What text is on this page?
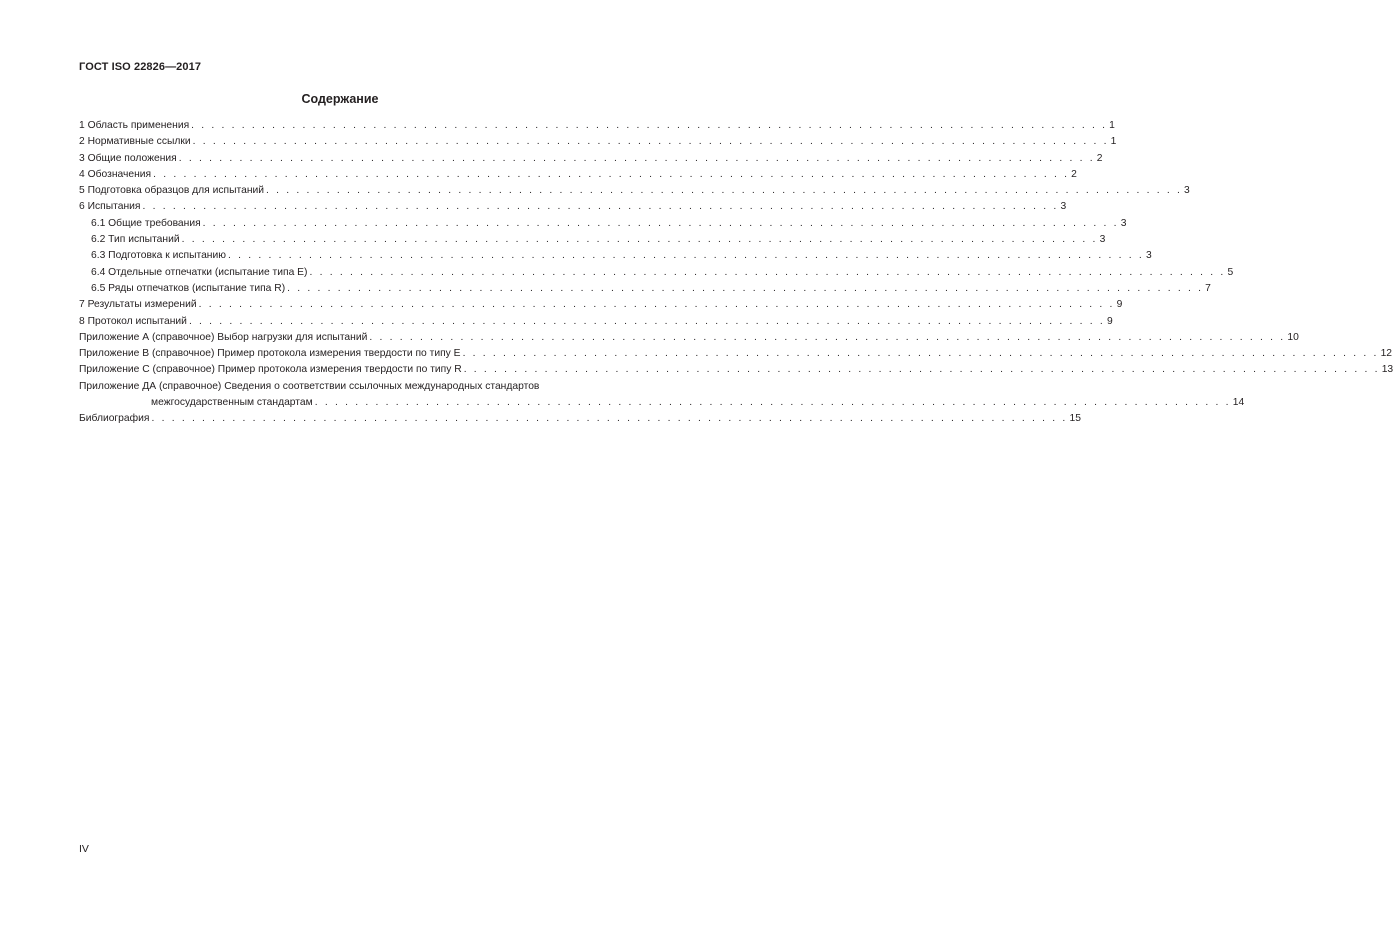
ГОСТ ISO 22826—2017
Содержание
1 Область применения . . . . . . . . . . . . . . . . . . . . . . . . . . . . . . . . . . . . . . . . . . . . . . . . . . . . . . . . . . . . . . . . . . . . . . . . . . . . . . . . . . . . . . . . . . . 1
2 Нормативные ссылки . . . . . . . . . . . . . . . . . . . . . . . . . . . . . . . . . . . . . . . . . . . . . . . . . . . . . . . . . . . . . . . . . . . . . . . . . . . . . . . . . . . . . . . . . . . 1
3 Общие положения . . . . . . . . . . . . . . . . . . . . . . . . . . . . . . . . . . . . . . . . . . . . . . . . . . . . . . . . . . . . . . . . . . . . . . . . . . . . . . . . . . . . . . . . . . . 2
4 Обозначения . . . . . . . . . . . . . . . . . . . . . . . . . . . . . . . . . . . . . . . . . . . . . . . . . . . . . . . . . . . . . . . . . . . . . . . . . . . . . . . . . . . . . . . . . . . 2
5 Подготовка образцов для испытаний . . . . . . . . . . . . . . . . . . . . . . . . . . . . . . . . . . . . . . . . . . . . . . . . . . . . . . . . . . . . . . . . . . . . . . . . . . . . . . . . . . . . . . . . . . . 3
6 Испытания . . . . . . . . . . . . . . . . . . . . . . . . . . . . . . . . . . . . . . . . . . . . . . . . . . . . . . . . . . . . . . . . . . . . . . . . . . . . . . . . . . . . . . . . . . . 3
6.1 Общие требования . . . . . . . . . . . . . . . . . . . . . . . . . . . . . . . . . . . . . . . . . . . . . . . . . . . . . . . . . . . . . . . . . . . . . . . . . . . . . . . . . . . . . . . . . . . 3
6.2 Тип испытаний . . . . . . . . . . . . . . . . . . . . . . . . . . . . . . . . . . . . . . . . . . . . . . . . . . . . . . . . . . . . . . . . . . . . . . . . . . . . . . . . . . . . . . . . . . . 3
6.3 Подготовка к испытанию . . . . . . . . . . . . . . . . . . . . . . . . . . . . . . . . . . . . . . . . . . . . . . . . . . . . . . . . . . . . . . . . . . . . . . . . . . . . . . . . . . . . . . . . . . . 3
6.4 Отдельные отпечатки (испытание типа E) . . . . . . . . . . . . . . . . . . . . . . . . . . . . . . . . . . . . . . . . . . . . . . . . . . . . . . . . . . . . . . . . . . . . . . . . . . . . . . . . . . . . . . . . . . . 5
6.5 Ряды отпечатков (испытание типа R) . . . . . . . . . . . . . . . . . . . . . . . . . . . . . . . . . . . . . . . . . . . . . . . . . . . . . . . . . . . . . . . . . . . . . . . . . . . . . . . . . . . . . . . . . . . 7
7 Результаты измерений . . . . . . . . . . . . . . . . . . . . . . . . . . . . . . . . . . . . . . . . . . . . . . . . . . . . . . . . . . . . . . . . . . . . . . . . . . . . . . . . . . . . . . . . . . . 9
8 Протокол испытаний . . . . . . . . . . . . . . . . . . . . . . . . . . . . . . . . . . . . . . . . . . . . . . . . . . . . . . . . . . . . . . . . . . . . . . . . . . . . . . . . . . . . . . . . . . . 9
Приложение А (справочное) Выбор нагрузки для испытаний . . . . . . . . . . . . . . . . . . . . . . . . . . . . . . . . . . . . . . . . . . . . . . . . . . . . . . . . . . . . . . . . . . . . . . . . . . . . . . . . . . . . . . . . . . . 10
Приложение В (справочное) Пример протокола измерения твердости по типу E . . . . . . . . . . . . . . . . . . . . . . . . . . . . . . . . . . . . . . . . . . . . . . . . . . . . . . . . . . . . . . . . . . . . . . . . . . . . . . . . . . . . . . . . . . . 12
Приложение С (справочное) Пример протокола измерения твердости по типу R . . . . . . . . . . . . . . . . . . . . . . . . . . . . . . . . . . . . . . . . . . . . . . . . . . . . . . . . . . . . . . . . . . . . . . . . . . . . . . . . . . . . . . . . . . . 13
Приложение ДА (справочное) Сведения о соответствии ссылочных международных стандартов
межгосударственным стандартам . . . . . . . . . . . . . . . . . . . . . . . . . . . . . . . . . . . . . . . . . . . . . . . . . . . . . . . . . . . . . . . . . . . . . . . . . . . . . . . . . . . . . . . . . . . 14
Библиография . . . . . . . . . . . . . . . . . . . . . . . . . . . . . . . . . . . . . . . . . . . . . . . . . . . . . . . . . . . . . . . . . . . . . . . . . . . . . . . . . . . . . . . . . . . 15
IV
